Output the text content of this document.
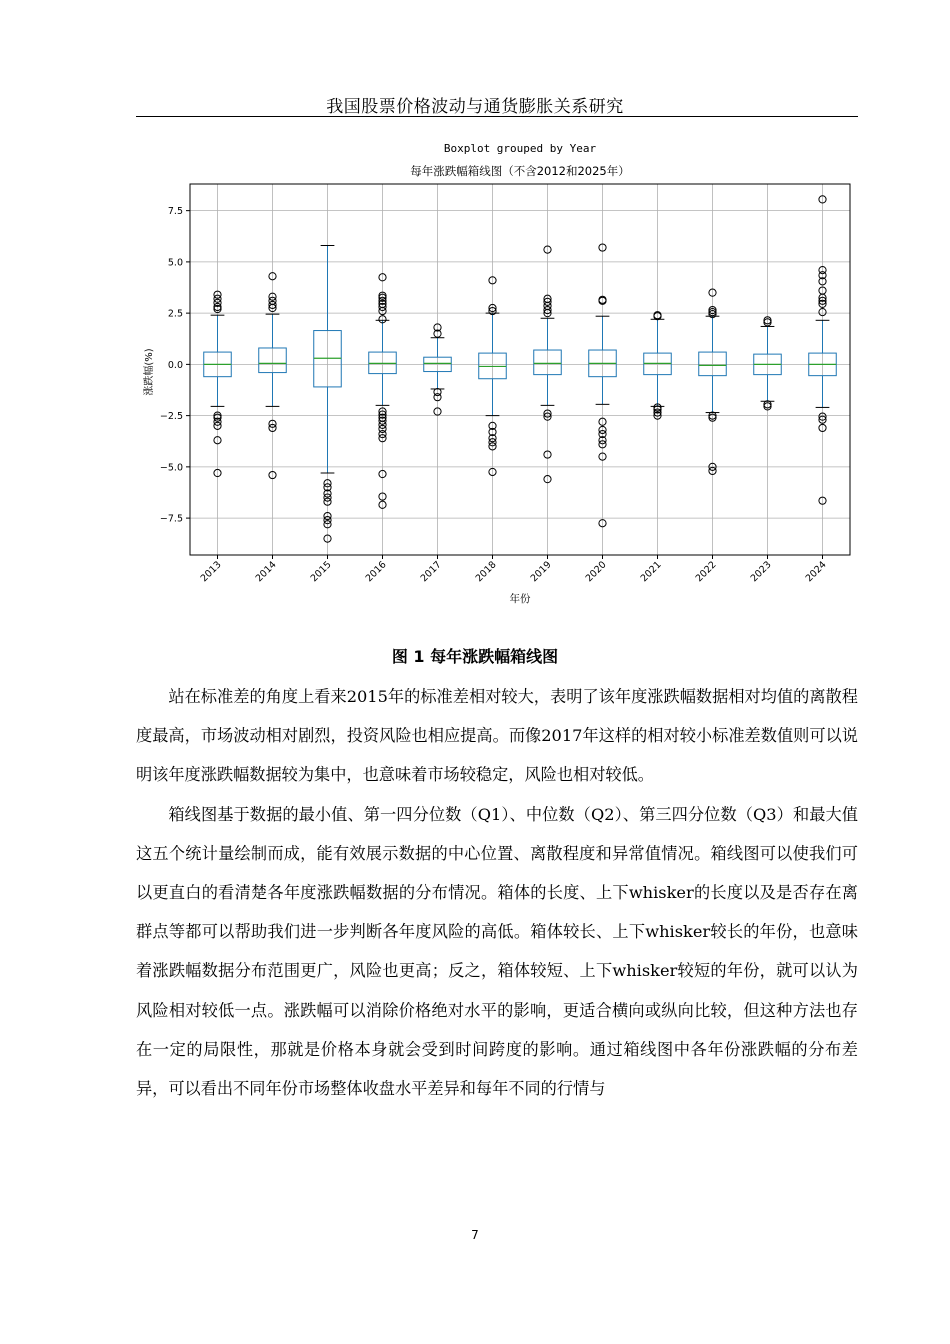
我国股票价格波动与通货膨胀关系研究
Boxplot grouped by Year
每年涨跌幅箱线图（不含2012和2025年）
涨跌幅(%)
年份
−7.5
−5.0
−2.5
0.0
2.5
5.0
7.5
2013	2014	2015	2016	2017	2018	2019	2020	2021	2022	2023	2024
图 1 每年涨跌幅箱线图

站在标准差的角度上看来2015年的标准差相对较大，表明了该年度涨跌幅数据相对均值的离散程度最高，市场波动相对剧烈，投资风险也相应提高。而像2017年这样的相对较小标准差数值则可以说明该年度涨跌幅数据较为集中，也意味着市场较稳定，风险也相对较低。

箱线图基于数据的最小值、第一四分位数（Q1）、中位数（Q2）、第三四分位数（Q3）和最大值这五个统计量绘制而成，能有效展示数据的中心位置、离散程度和异常值情况。箱线图可以使我们可以更直白的看清楚各年度涨跌幅数据的分布情况。箱体的长度、上下whisker的长度以及是否存在离群点等都可以帮助我们进一步判断各年度风险的高低。箱体较长、上下whisker较长的年份，也意味着涨跌幅数据分布范围更广，风险也更高；反之，箱体较短、上下whisker较短的年份，就可以认为风险相对较低一点。涨跌幅可以消除价格绝对水平的影响，更适合横向或纵向比较，但这种方法也存在一定的局限性，那就是价格本身就会受到时间跨度的影响。通过箱线图中各年份涨跌幅的分布差异，可以看出不同年份市场整体收盘水平差异和每年不同的行情与

7
